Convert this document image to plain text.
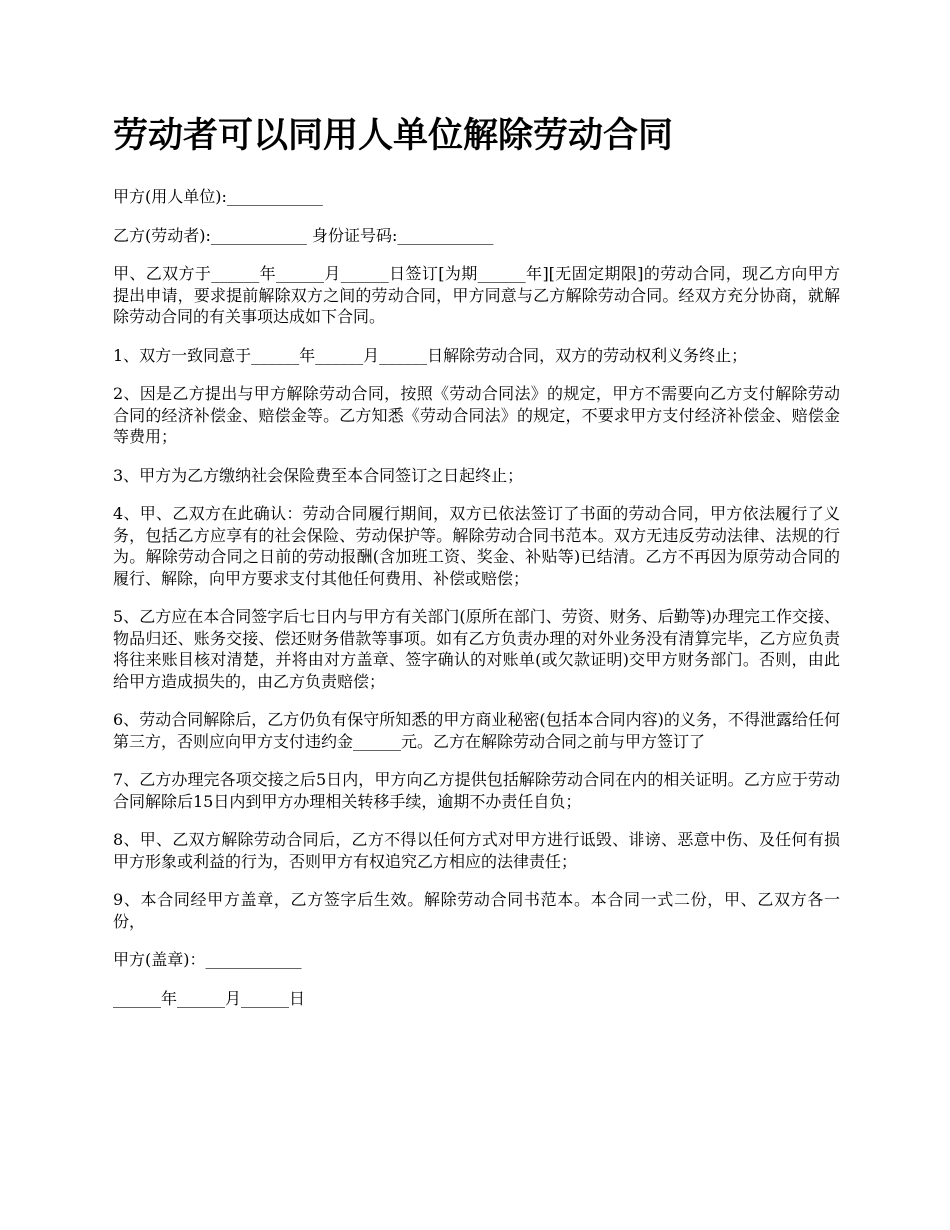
劳动者可以同用人单位解除劳动合同

甲方(用人单位):____________

乙方(劳动者):____________ 身份证号码:____________

甲、乙双方于______年______月______日签订[为期______年][无固定期限]的劳动合同，现乙方向甲方提出申请，要求提前解除双方之间的劳动合同，甲方同意与乙方解除劳动合同。经双方充分协商，就解除劳动合同的有关事项达成如下合同。

1、双方一致同意于______年______月______日解除劳动合同，双方的劳动权利义务终止；

2、因是乙方提出与甲方解除劳动合同，按照《劳动合同法》的规定，甲方不需要向乙方支付解除劳动合同的经济补偿金、赔偿金等。乙方知悉《劳动合同法》的规定，不要求甲方支付经济补偿金、赔偿金等费用；

3、甲方为乙方缴纳社会保险费至本合同签订之日起终止；

4、甲、乙双方在此确认：劳动合同履行期间，双方已依法签订了书面的劳动合同，甲方依法履行了义务，包括乙方应享有的社会保险、劳动保护等。解除劳动合同书范本。双方无违反劳动法律、法规的行为。解除劳动合同之日前的劳动报酬(含加班工资、奖金、补贴等)已结清。乙方不再因为原劳动合同的履行、解除，向甲方要求支付其他任何费用、补偿或赔偿；

5、乙方应在本合同签字后七日内与甲方有关部门(原所在部门、劳资、财务、后勤等)办理完工作交接、物品归还、账务交接、偿还财务借款等事项。如有乙方负责办理的对外业务没有清算完毕，乙方应负责将往来账目核对清楚，并将由对方盖章、签字确认的对账单(或欠款证明)交甲方财务部门。否则，由此给甲方造成损失的，由乙方负责赔偿；

6、劳动合同解除后，乙方仍负有保守所知悉的甲方商业秘密(包括本合同内容)的义务，不得泄露给任何第三方，否则应向甲方支付违约金______元。乙方在解除劳动合同之前与甲方签订了

7、乙方办理完各项交接之后5日内，甲方向乙方提供包括解除劳动合同在内的相关证明。乙方应于劳动合同解除后15日内到甲方办理相关转移手续，逾期不办责任自负；

8、甲、乙双方解除劳动合同后，乙方不得以任何方式对甲方进行诋毁、诽谤、恶意中伤、及任何有损甲方形象或利益的行为，否则甲方有权追究乙方相应的法律责任；

9、本合同经甲方盖章，乙方签字后生效。解除劳动合同书范本。本合同一式二份，甲、乙双方各一份，

甲方(盖章)：____________

______年______月______日
